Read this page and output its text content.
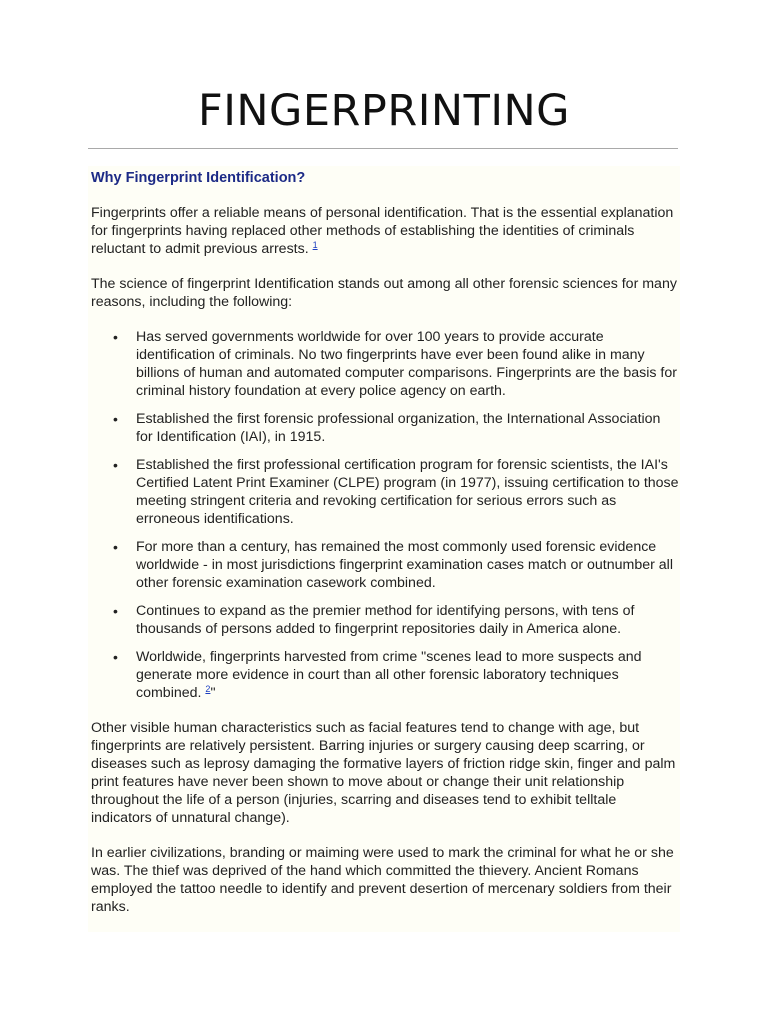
FINGERPRINTING
Why Fingerprint Identification?

Fingerprints offer a reliable means of personal identification. That is the essential explanation for fingerprints having replaced other methods of establishing the identities of criminals reluctant to admit previous arrests. $^1$

The science of fingerprint Identification stands out among all other forensic sciences for many reasons, including the following:

• Has served governments worldwide for over 100 years to provide accurate identification of criminals. No two fingerprints have ever been found alike in many billions of human and automated computer comparisons. Fingerprints are the basis for criminal history foundation at every police agency on earth.
• Established the first forensic professional organization, the International Association for Identification (IAI), in 1915.
• Established the first professional certification program for forensic scientists, the IAI's Certified Latent Print Examiner (CLPE) program (in 1977), issuing certification to those meeting stringent criteria and revoking certification for serious errors such as erroneous identifications.
• For more than a century, has remained the most commonly used forensic evidence worldwide - in most jurisdictions fingerprint examination cases match or outnumber all other forensic examination casework combined.
• Continues to expand as the premier method for identifying persons, with tens of thousands of persons added to fingerprint repositories daily in America alone.
• Worldwide, fingerprints harvested from crime "scenes lead to more suspects and generate more evidence in court than all other forensic laboratory techniques combined. $^2$"

Other visible human characteristics such as facial features tend to change with age, but fingerprints are relatively persistent. Barring injuries or surgery causing deep scarring, or diseases such as leprosy damaging the formative layers of friction ridge skin, finger and palm print features have never been shown to move about or change their unit relationship throughout the life of a person (injuries, scarring and diseases tend to exhibit telltale indicators of unnatural change).

In earlier civilizations, branding or maiming were used to mark the criminal for what he or she was. The thief was deprived of the hand which committed the thievery. Ancient Romans employed the tattoo needle to identify and prevent desertion of mercenary soldiers from their ranks.
